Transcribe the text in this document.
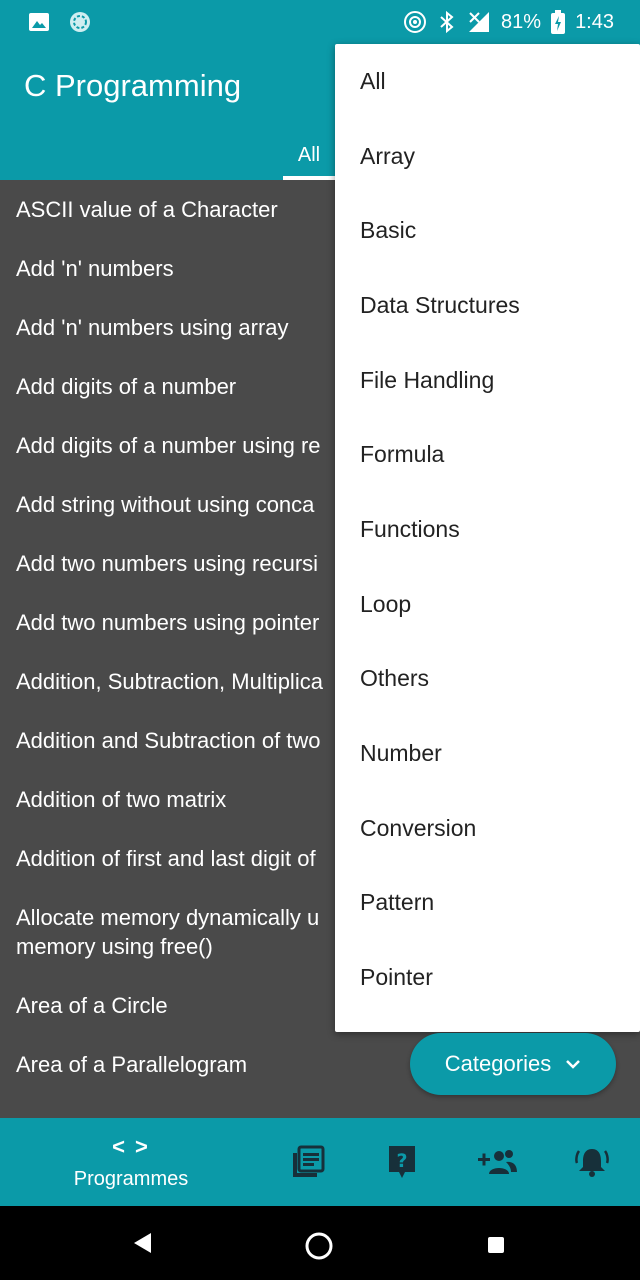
81% 1:43
C Programming
All
ASCII value of a Character
Add 'n' numbers
Add 'n' numbers using array
Add digits of a number
Add digits of a number using re
Add string without using conca
Add two numbers using recursi
Add two numbers using pointer
Addition, Subtraction, Multiplica
Addition and Subtraction of two
Addition of two matrix
Addition of first and last digit of
Allocate memory dynamically u
memory using free()
Area of a Circle
Area of a Parallelogram
All
Array
Basic
Data Structures
File Handling
Formula
Functions
Loop
Others
Number
Conversion
Pattern
Pointer
Categories
< >
Programmes
?
